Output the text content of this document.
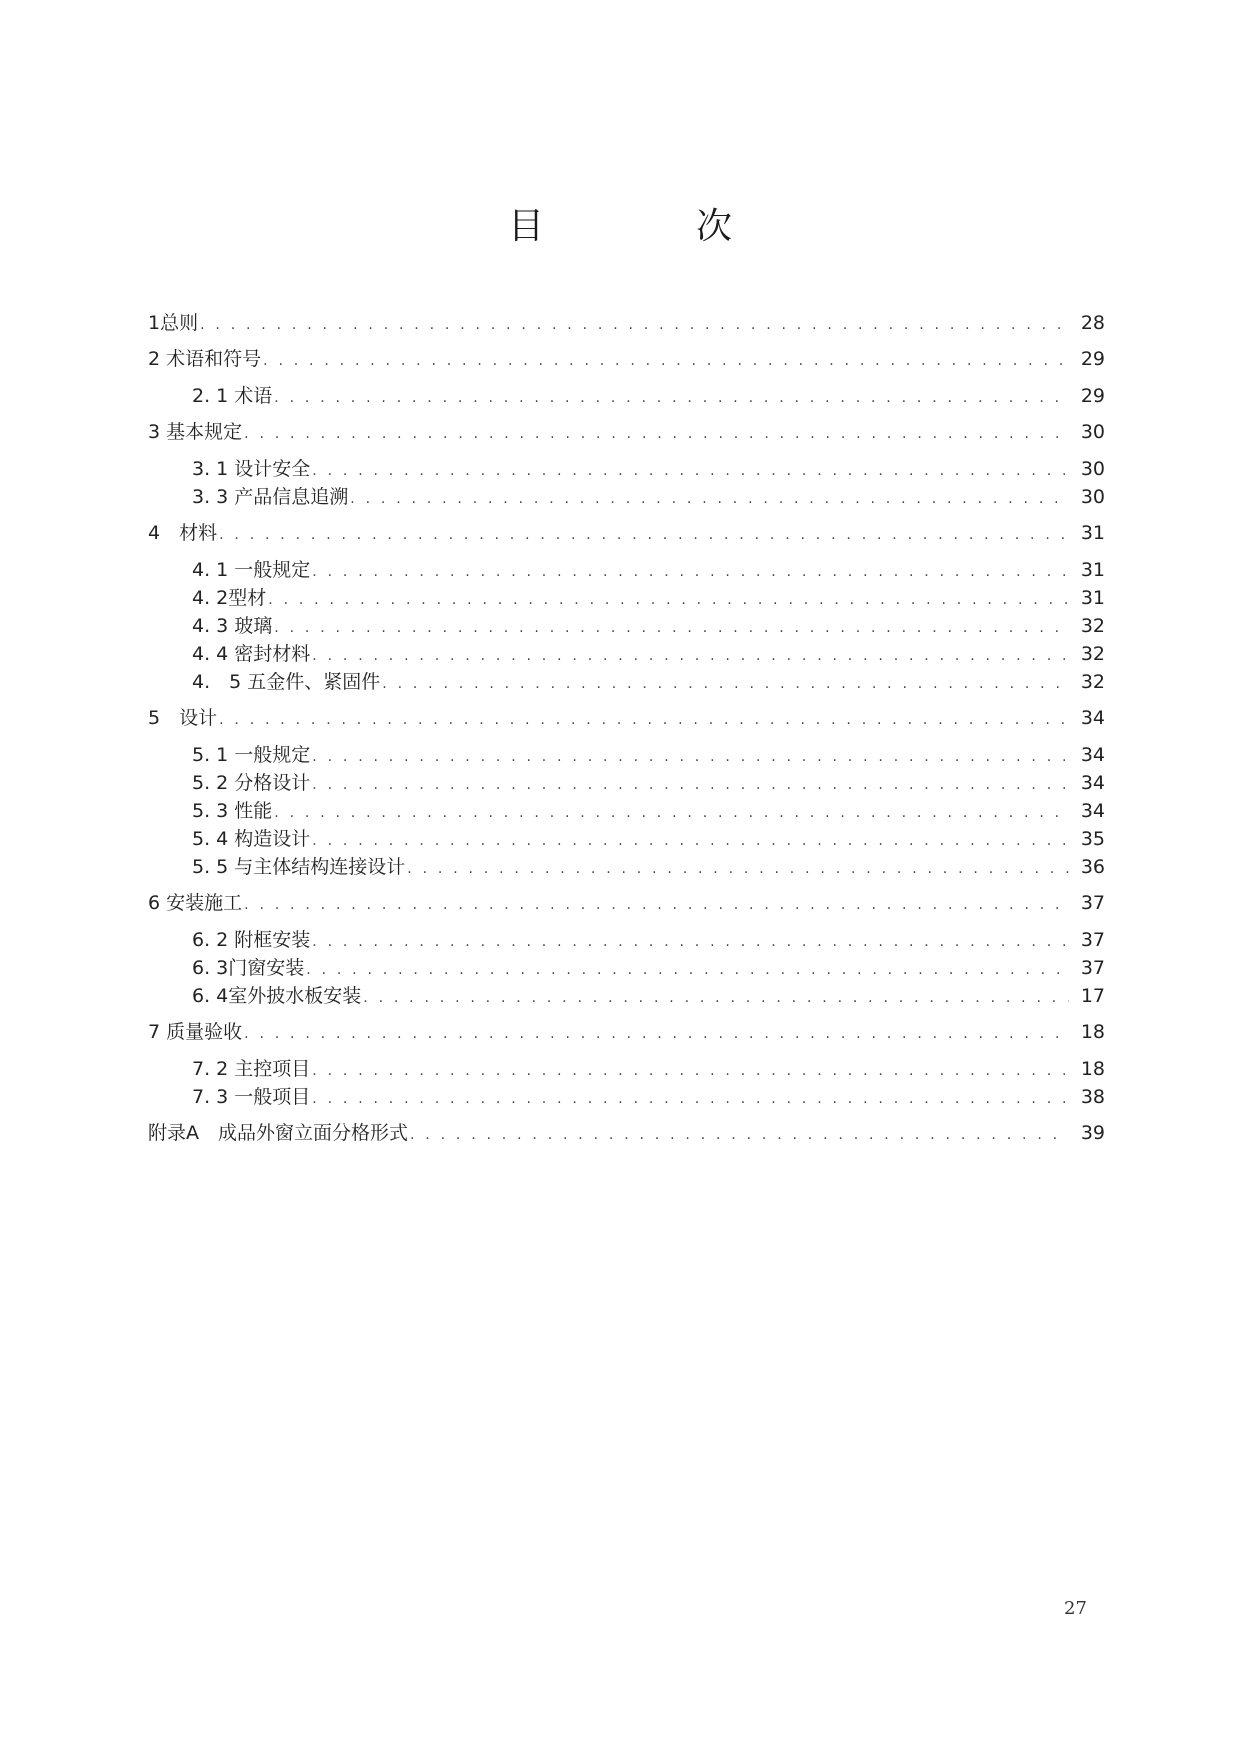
目　次
1总则 . . .	28
2 术语和符号 . . .	29
2. 1 术语 . . .	29
3 基本规定 . . .	30
3. 1 设计安全 . . .	30
3. 3 产品信息追溯 . . .	30
4　材料 . . .	31
4. 1 一般规定 . . .	31
4. 2型材 . . .	31
4. 3 玻璃 . . .	32
4. 4 密封材料 . . .	32
4.　5 五金件、紧固件 . . .	32
5　设计 . . .	34
5. 1 一般规定 . . .	34
5. 2 分格设计 . . .	34
5. 3 性能 . . .	34
5. 4 构造设计 . . .	35
5. 5 与主体结构连接设计 . . .	36
6 安装施工 . . .	37
6. 2 附框安装 . . .	37
6. 3门窗安装 . . .	37
6. 4室外披水板安装 . . .	17
7 质量验收 . . .	18
7. 2 主控项目 . . .	18
7. 3 一般项目 . . .	38
附录A　成品外窗立面分格形式 . . .	39
27
